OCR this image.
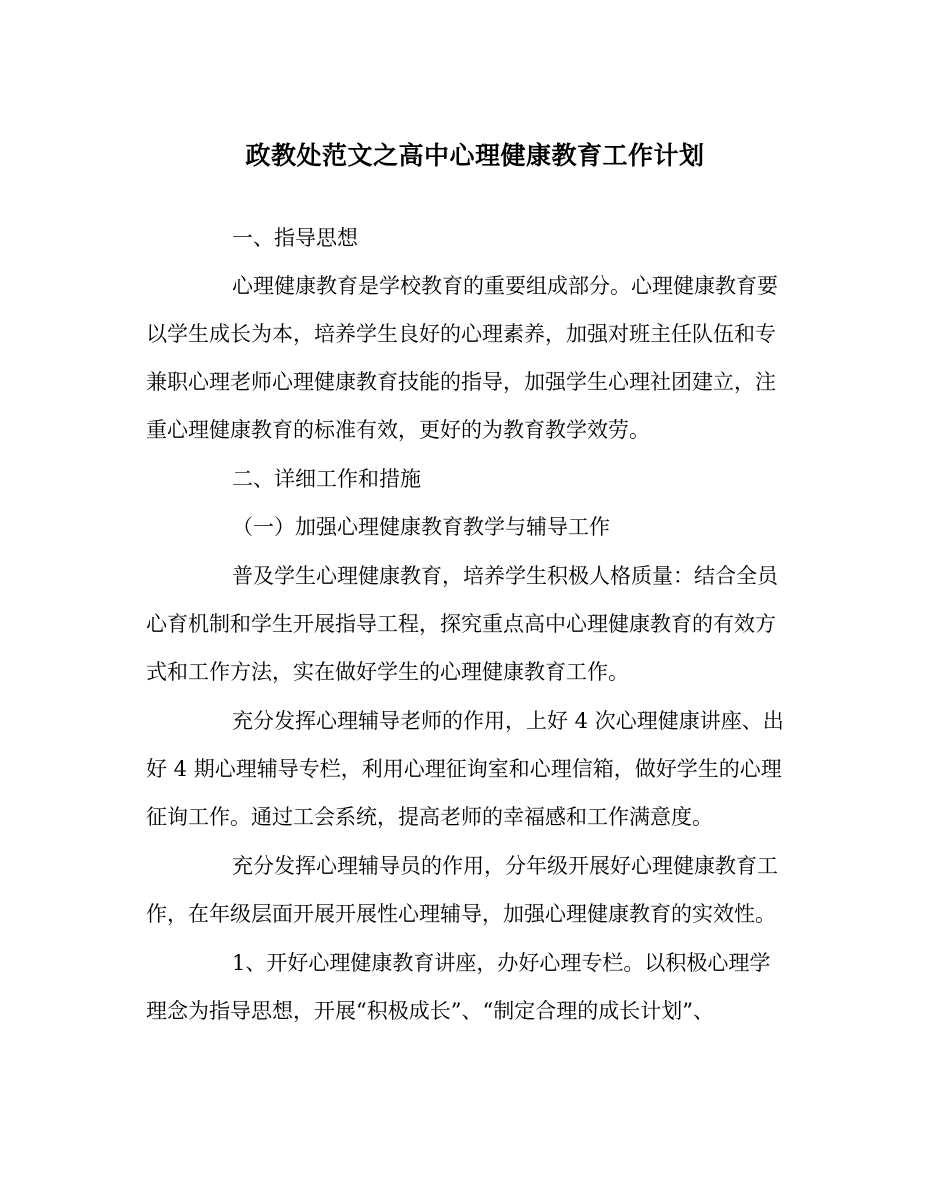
政教处范文之高中心理健康教育工作计划
一、指导思想
心理健康教育是学校教育的重要组成部分。心理健康教育要
以学生成长为本，培养学生良好的心理素养，加强对班主任队伍和专
兼职心理老师心理健康教育技能的指导，加强学生心理社团建立，注
重心理健康教育的标准有效，更好的为教育教学效劳。
二、详细工作和措施
（一）加强心理健康教育教学与辅导工作
普及学生心理健康教育，培养学生积极人格质量：结合全员
心育机制和学生开展指导工程，探究重点高中心理健康教育的有效方
式和工作方法，实在做好学生的心理健康教育工作。
充分发挥心理辅导老师的作用，上好 4 次心理健康讲座、出
好 4 期心理辅导专栏，利用心理征询室和心理信箱，做好学生的心理
征询工作。通过工会系统，提高老师的幸福感和工作满意度。
充分发挥心理辅导员的作用，分年级开展好心理健康教育工
作，在年级层面开展开展性心理辅导，加强心理健康教育的实效性。
1、开好心理健康教育讲座，办好心理专栏。以积极心理学
理念为指导思想，开展“积极成长”、“制定合理的成长计划”、
